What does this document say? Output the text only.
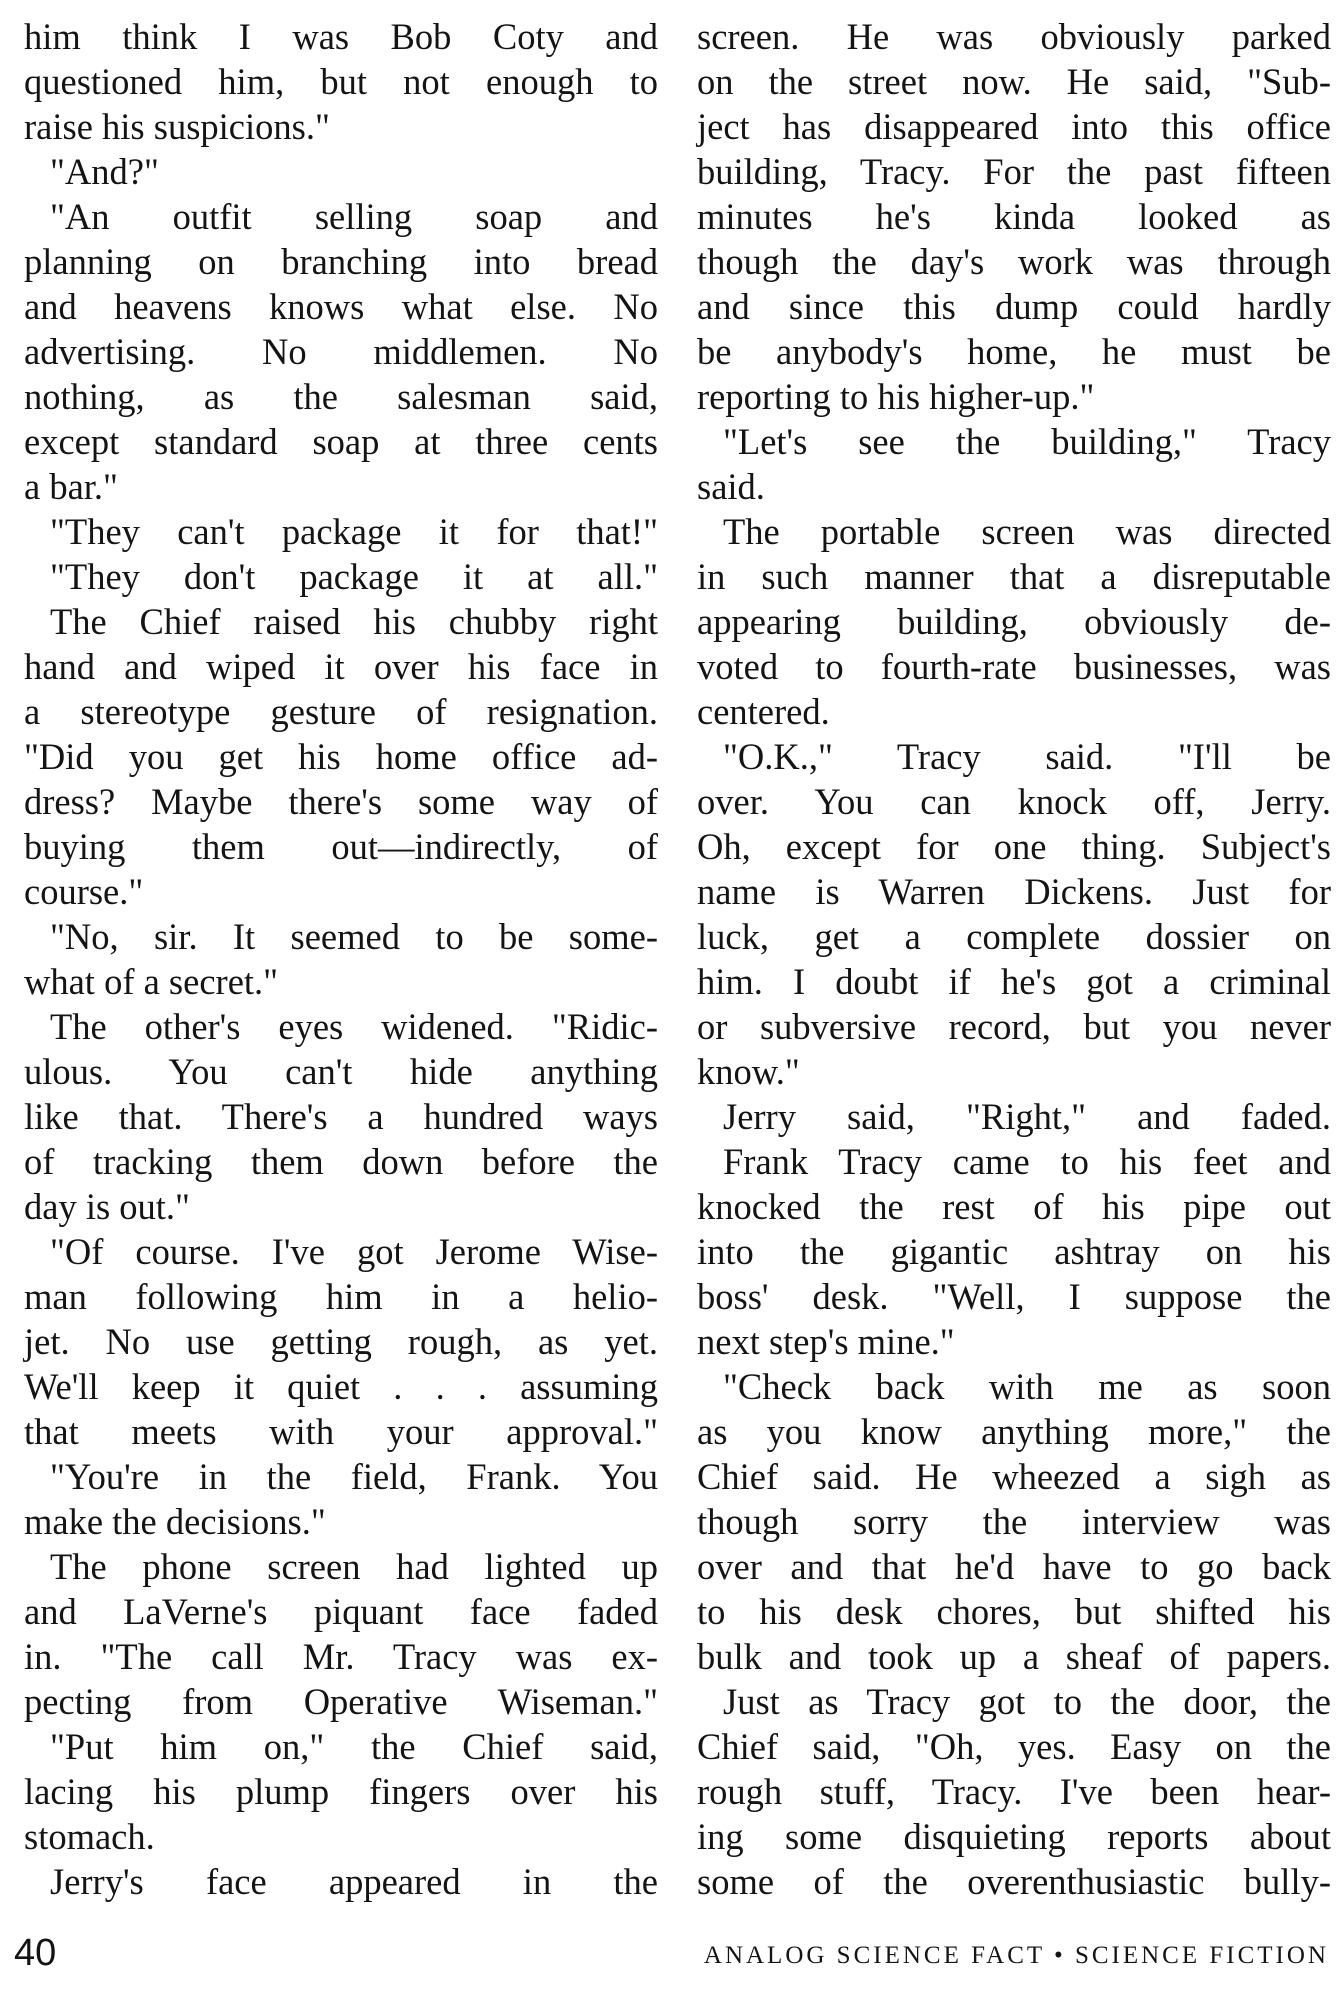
him think I was Bob Coty and
questioned him, but not enough to
raise his suspicions."
"And?"
"An outfit selling soap and
planning on branching into bread
and heavens knows what else. No
advertising. No middlemen. No
nothing, as the salesman said,
except standard soap at three cents
a bar."
"They can't package it for that!"
"They don't package it at all."
The Chief raised his chubby right
hand and wiped it over his face in
a stereotype gesture of resignation.
"Did you get his home office ad-
dress? Maybe there's some way of
buying them out—indirectly, of
course."
"No, sir. It seemed to be some-
what of a secret."
The other's eyes widened. "Ridic-
ulous. You can't hide anything
like that. There's a hundred ways
of tracking them down before the
day is out."
"Of course. I've got Jerome Wise-
man following him in a helio-
jet. No use getting rough, as yet.
We'll keep it quiet . . . assuming
that meets with your approval."
"You're in the field, Frank. You
make the decisions."
The phone screen had lighted up
and LaVerne's piquant face faded
in. "The call Mr. Tracy was ex-
pecting from Operative Wiseman."
"Put him on," the Chief said,
lacing his plump fingers over his
stomach.
Jerry's face appeared in the
screen. He was obviously parked
on the street now. He said, "Sub-
ject has disappeared into this office
building, Tracy. For the past fifteen
minutes he's kinda looked as
though the day's work was through
and since this dump could hardly
be anybody's home, he must be
reporting to his higher-up."
"Let's see the building," Tracy
said.
The portable screen was directed
in such manner that a disreputable
appearing building, obviously de-
voted to fourth-rate businesses, was
centered.
"O.K.," Tracy said. "I'll be
over. You can knock off, Jerry.
Oh, except for one thing. Subject's
name is Warren Dickens. Just for
luck, get a complete dossier on
him. I doubt if he's got a criminal
or subversive record, but you never
know."
Jerry said, "Right," and faded.
Frank Tracy came to his feet and
knocked the rest of his pipe out
into the gigantic ashtray on his
boss' desk. "Well, I suppose the
next step's mine."
"Check back with me as soon
as you know anything more," the
Chief said. He wheezed a sigh as
though sorry the interview was
over and that he'd have to go back
to his desk chores, but shifted his
bulk and took up a sheaf of papers.
Just as Tracy got to the door, the
Chief said, "Oh, yes. Easy on the
rough stuff, Tracy. I've been hear-
ing some disquieting reports about
some of the overenthusiastic bully-
40	ANALOG SCIENCE FACT • SCIENCE FICTION
